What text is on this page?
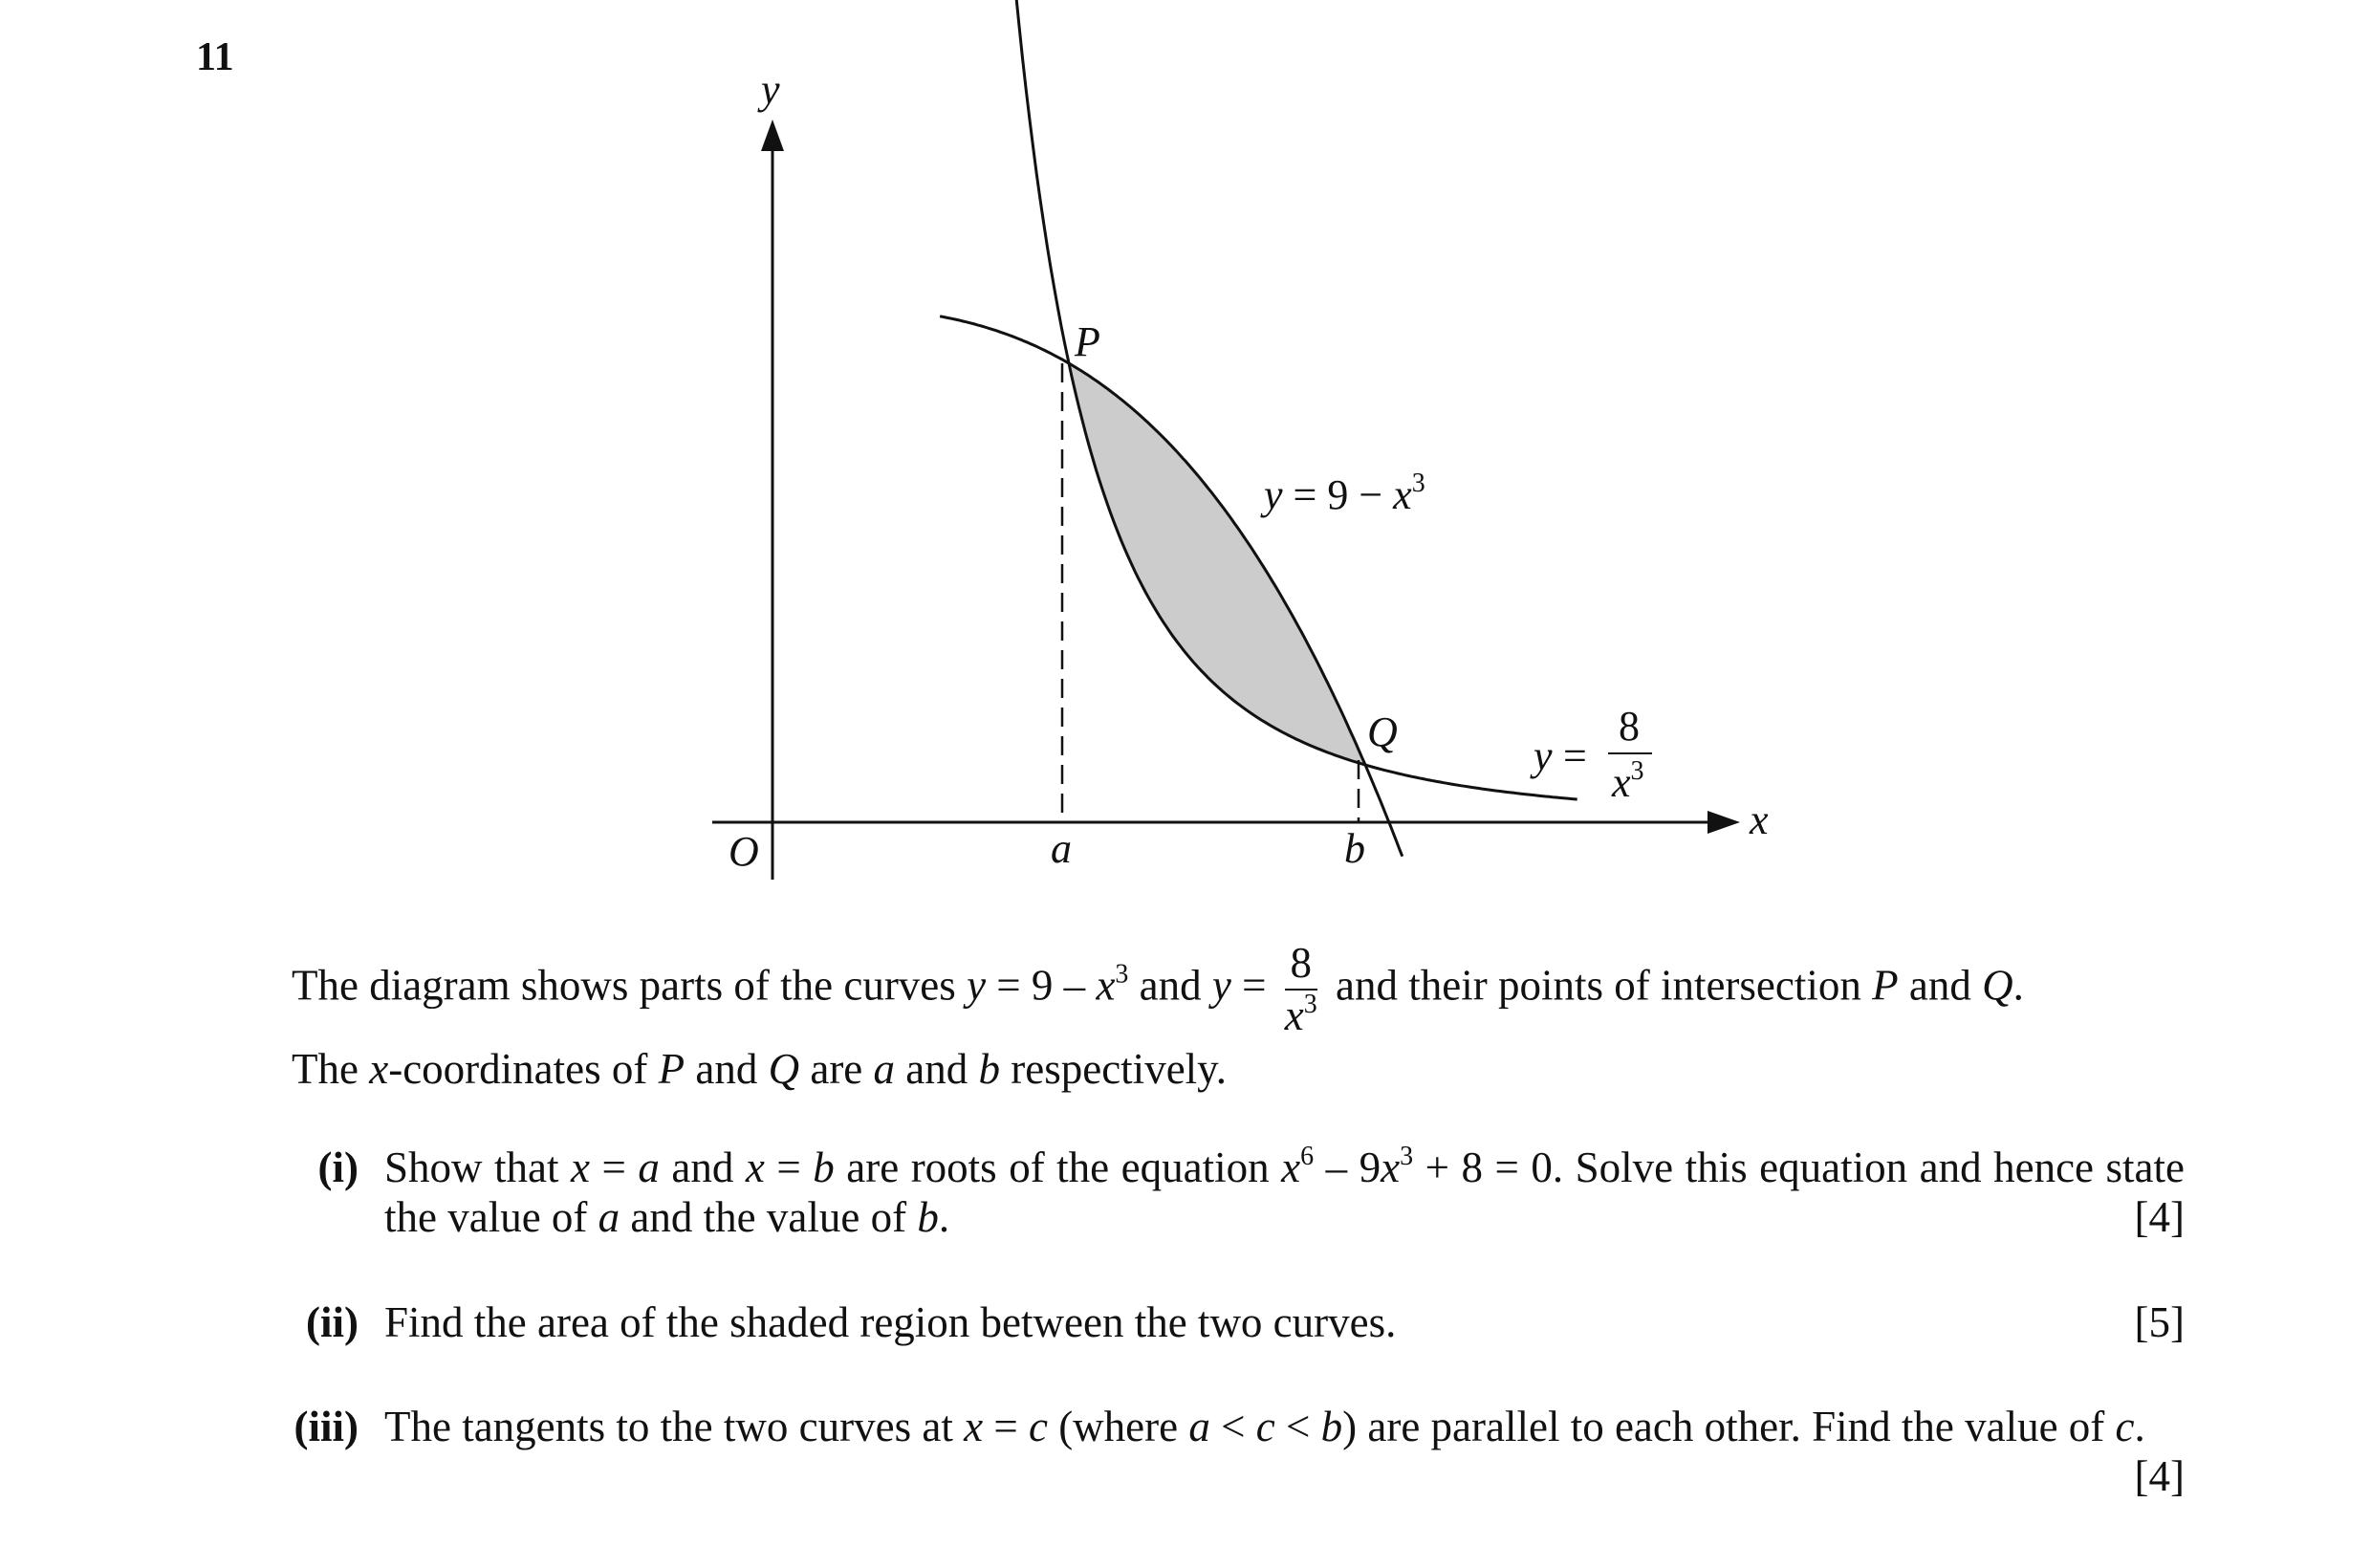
11
y
x
O	a	b
P
Q
$y = 9 - x^3$
y =
8
$x^3$
The diagram shows parts of the curves $y = 9 - x^3$ and $y = \frac{8}{x^3}$ and their points of intersection P and Q.
The x-coordinates of P and Q are a and b respectively.
(i) Show that x = a and x = b are roots of the equation $x^6 - 9x^3 + 8 = 0$. Solve this equation and hence state the value of a and the value of b.	[4]
(ii) Find the area of the shaded region between the two curves.	[5]
(iii) The tangents to the two curves at x = c (where a < c < b) are parallel to each other. Find the value of c.
[4]
